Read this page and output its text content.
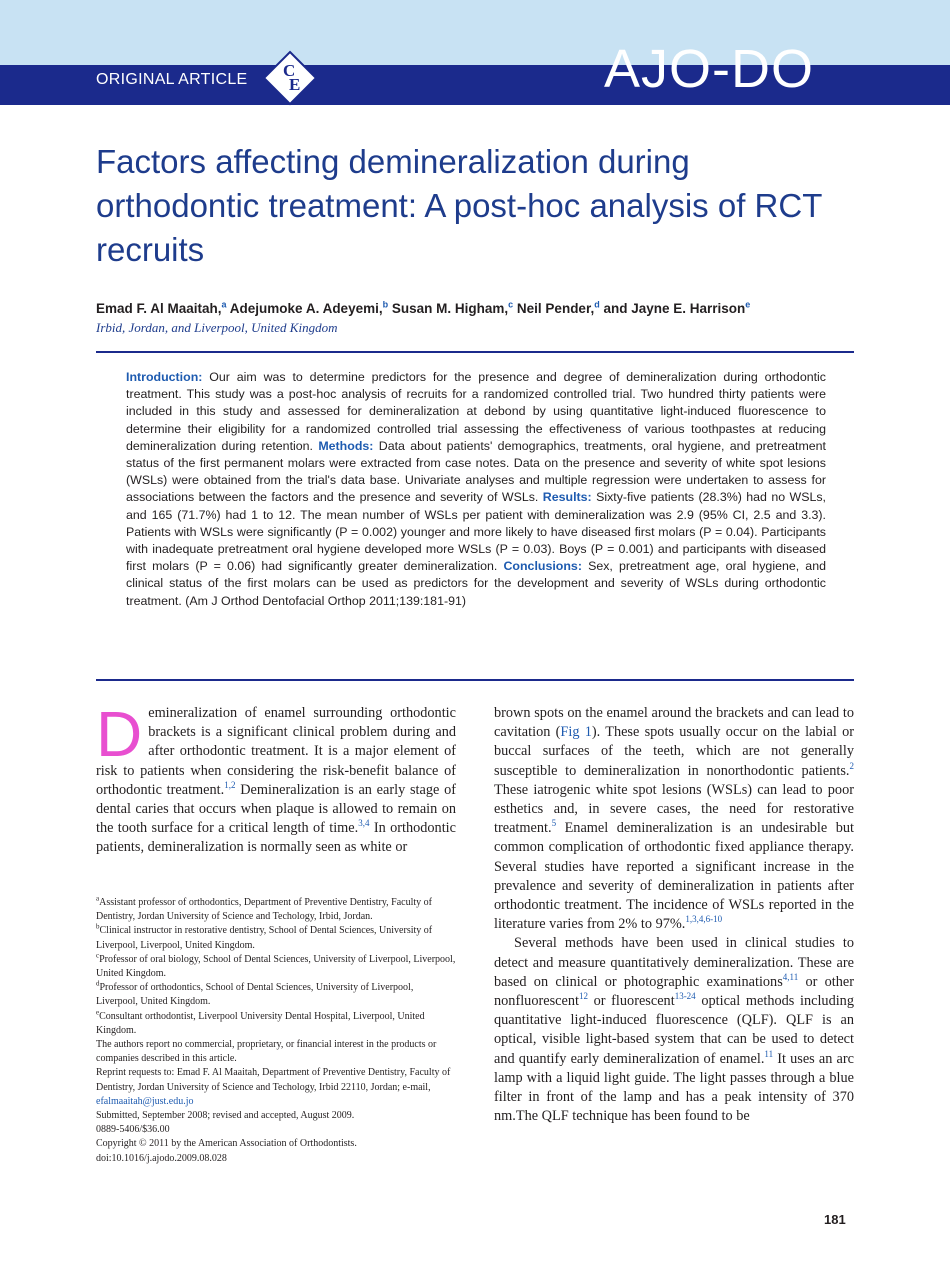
ORIGINAL ARTICLE C
E	AJO-DO
Factors affecting demineralization during orthodontic treatment: A post-hoc analysis of RCT recruits
Emad F. Al Maaitah,$^a$ Adejumoke A. Adeyemi,$^b$ Susan M. Higham,$^c$ Neil Pender,$^d$ and Jayne E. Harrison$^e$
Irbid, Jordan, and Liverpool, United Kingdom
Introduction: Our aim was to determine predictors for the presence and degree of demineralization during orthodontic treatment. This study was a post-hoc analysis of recruits for a randomized controlled trial. Two hundred thirty patients were included in this study and assessed for demineralization at debond by using quantitative light-induced fluorescence to determine their eligibility for a randomized controlled trial assessing the effectiveness of various toothpastes at reducing demineralization during retention. Methods: Data about patients' demographics, treatments, oral hygiene, and pretreatment status of the first permanent molars were extracted from case notes. Data on the presence and severity of white spot lesions (WSLs) were obtained from the trial's data base. Univariate analyses and multiple regression were undertaken to assess for associations between the factors and the presence and severity of WSLs. Results: Sixty-five patients (28.3%) had no WSLs, and 165 (71.7%) had 1 to 12. The mean number of WSLs per patient with demineralization was 2.9 (95% CI, 2.5 and 3.3). Patients with WSLs were significantly (P = 0.002) younger and more likely to have diseased first molars (P = 0.04). Participants with inadequate pretreatment oral hygiene developed more WSLs (P = 0.03). Boys (P = 0.001) and participants with diseased first molars (P = 0.06) had significantly greater demineralization. Conclusions: Sex, pretreatment age, oral hygiene, and clinical status of the first molars can be used as predictors for the development and severity of WSLs during orthodontic treatment. (Am J Orthod Dentofacial Orthop 2011;139:181-91)

Demineralization of enamel surrounding orthodontic brackets is a significant clinical problem during and after orthodontic treatment. It is a major element of risk to patients when considering the risk-benefit balance of orthodontic treatment.$^{1,2}$ Demineralization is an early stage of dental caries that occurs when plaque is allowed to remain on the tooth surface for a critical length of time.$^{3,4}$ In orthodontic patients, demineralization is normally seen as white or

$^a$Assistant professor of orthodontics, Department of Preventive Dentistry, Faculty of Dentistry, Jordan University of Science and Techology, Irbid, Jordan.

$^b$Clinical instructor in restorative dentistry, School of Dental Sciences, University of Liverpool, Liverpool, United Kingdom.

$^c$Professor of oral biology, School of Dental Sciences, University of Liverpool, Liverpool, United Kingdom.

$^d$Professor of orthodontics, School of Dental Sciences, University of Liverpool, Liverpool, United Kingdom.

$^e$Consultant orthodontist, Liverpool University Dental Hospital, Liverpool, United Kingdom.

The authors report no commercial, proprietary, or financial interest in the products or companies described in this article.

Reprint requests to: Emad F. Al Maaitah, Department of Preventive Dentistry, Faculty of Dentistry, Jordan University of Science and Techology, Irbid 22110, Jordan; e-mail, efalmaaitah@just.edu.jo

Submitted, September 2008; revised and accepted, August 2009.

0889-5406/$36.00

Copyright © 2011 by the American Association of Orthodontists.

doi:10.1016/j.ajodo.2009.08.028

brown spots on the enamel around the brackets and can lead to cavitation (Fig 1). These spots usually occur on the labial or buccal surfaces of the teeth, which are not generally susceptible to demineralization in nonorthodontic patients.$^2$ These iatrogenic white spot lesions (WSLs) can lead to poor esthetics and, in severe cases, the need for restorative treatment.$^5$ Enamel demineralization is an undesirable but common complication of orthodontic fixed appliance therapy. Several studies have reported a significant increase in the prevalence and severity of demineralization in patients after orthodontic treatment. The incidence of WSLs reported in the literature varies from 2% to 97%.$^{1,3,4,6-10}$

Several methods have been used in clinical studies to detect and measure quantitatively demineralization. These are based on clinical or photographic examinations$^{4,11}$ or other nonfluorescent$^{12}$ or fluorescent$^{13-24}$ optical methods including quantitative light-induced fluorescence (QLF). QLF is an optical, visible light-based system that can be used to detect and quantify early demineralization of enamel.$^{11}$ It uses an arc lamp with a liquid light guide. The light passes through a blue filter in front of the lamp and has a peak intensity of 370 nm.The QLF technique has been found to be

181
